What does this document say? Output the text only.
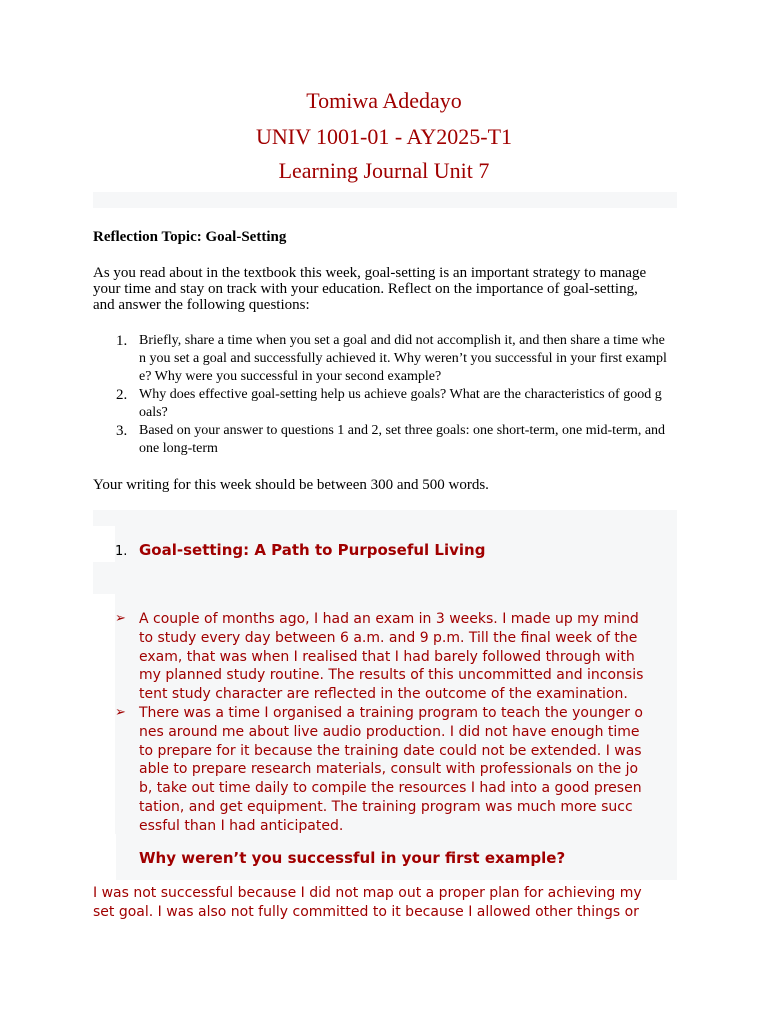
Tomiwa Adedayo
UNIV 1001-01 - AY2025-T1
Learning Journal Unit 7
Reflection Topic: Goal-Setting
As you read about in the textbook this week, goal-setting is an important strategy to manage
your time and stay on track with your education. Reflect on the importance of goal-setting,
and answer the following questions:
1. Briefly, share a time when you set a goal and did not accomplish it, and then share a time whe
n you set a goal and successfully achieved it. Why weren’t you successful in your first exampl
e? Why were you successful in your second example?
2. Why does effective goal-setting help us achieve goals? What are the characteristics of good g
oals?
3. Based on your answer to questions 1 and 2, set three goals: one short-term, one mid-term, and
one long-term
Your writing for this week should be between 300 and 500 words.
1. Goal-setting: A Path to Purposeful Living
➢ A couple of months ago, I had an exam in 3 weeks. I made up my mind
to study every day between 6 a.m. and 9 p.m. Till the final week of the
exam, that was when I realised that I had barely followed through with
my planned study routine. The results of this uncommitted and inconsis
tent study character are reflected in the outcome of the examination.
➢ There was a time I organised a training program to teach the younger o
nes around me about live audio production. I did not have enough time
to prepare for it because the training date could not be extended. I was
able to prepare research materials, consult with professionals on the jo
b, take out time daily to compile the resources I had into a good presen
tation, and get equipment. The training program was much more succ
essful than I had anticipated.
Why weren’t you successful in your first example?
I was not successful because I did not map out a proper plan for achieving my
set goal. I was also not fully committed to it because I allowed other things or
